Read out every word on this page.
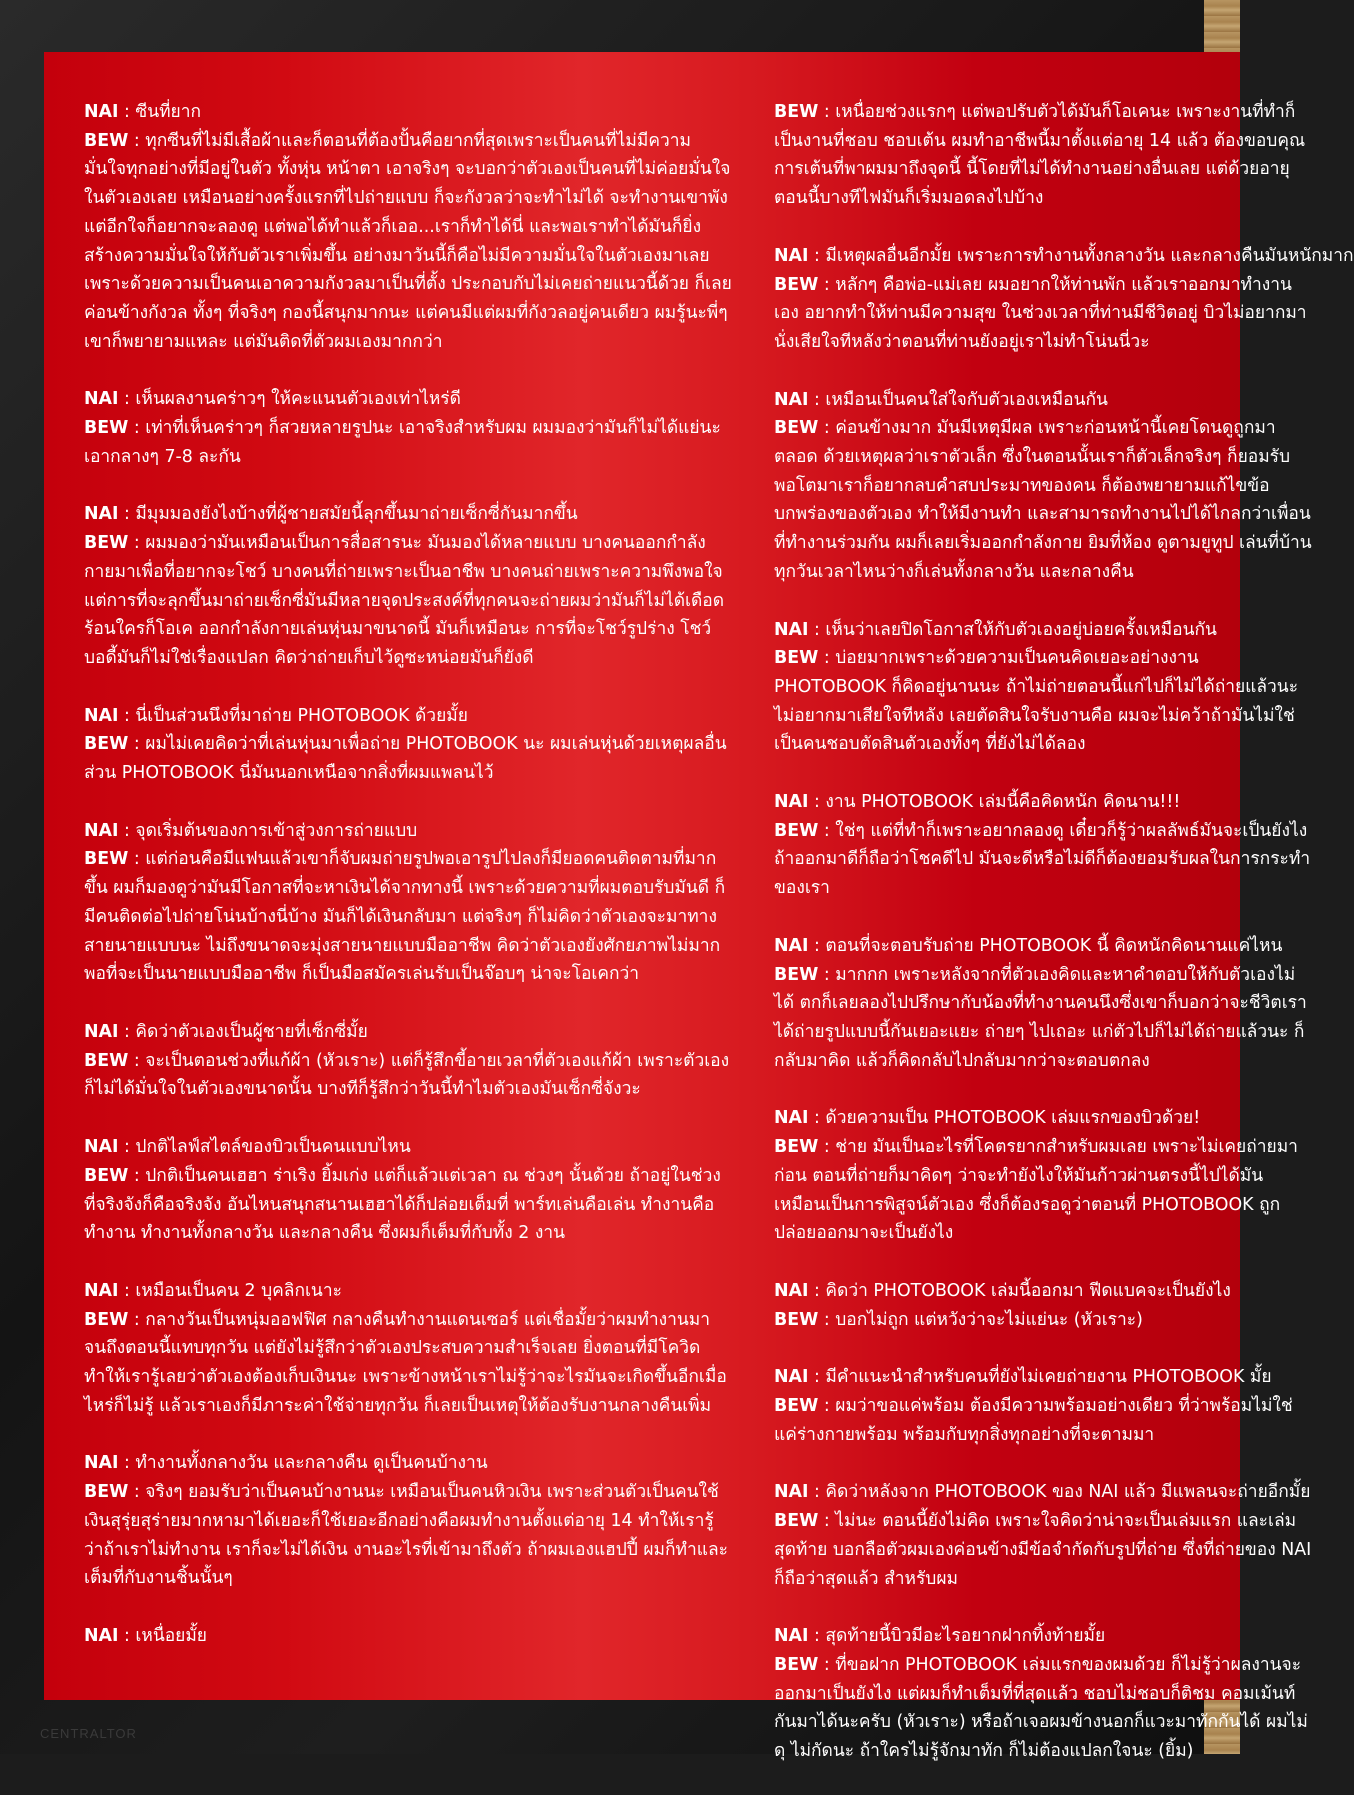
NAI : ซีนที่ยาก
BEW : ทุกซีนที่ไม่มีเสื้อผ้าและก็ตอนที่ต้องปั้นคือยากที่สุดเพราะเป็นคนที่ไม่มีความมั่นใจทุกอย่างที่มีอยู่ในตัว ทั้งหุ่น หน้าตา เอาจริงๆ จะบอกว่าตัวเองเป็นคนที่ไม่ค่อยมั่นใจในตัวเองเลย เหมือนอย่างครั้งแรกที่ไปถ่ายแบบ ก็จะกังวลว่าจะทำไม่ได้ จะทำงานเขาพังแต่อีกใจก็อยากจะลองดู แต่พอได้ทำแล้วก็เออ...เราก็ทำได้นี่ และพอเราทำได้มันก็ยิ่งสร้างความมั่นใจให้กับตัวเราเพิ่มขึ้น อย่างมาวันนี้ก็คือไม่มีความมั่นใจในตัวเองมาเลย เพราะด้วยความเป็นคนเอาความกังวลมาเป็นที่ตั้ง ประกอบกับไม่เคยถ่ายแนวนี้ด้วย ก็เลยค่อนข้างกังวล ทั้งๆ ที่จริงๆ กองนี้สนุกมากนะ แต่คนมีแต่ผมที่กังวลอยู่คนเดียว ผมรู้นะพี่ๆ เขาก็พยายามแหละ แต่มันติดที่ตัวผมเองมากกว่า
NAI : เห็นผลงานคร่าวๆ ให้คะแนนตัวเองเท่าไหร่ดี
BEW : เท่าที่เห็นคร่าวๆ ก็สวยหลายรูปนะ เอาจริงสำหรับผม ผมมองว่ามันก็ไม่ได้แย่นะ เอากลางๆ 7-8 ละกัน
NAI : มีมุมมองยังไงบ้างที่ผู้ชายสมัยนี้ลุกขึ้นมาถ่ายเซ็กซี่กันมากขึ้น
BEW : ผมมองว่ามันเหมือนเป็นการสื่อสารนะ มันมองได้หลายแบบ บางคนออกกำลังกายมาเพื่อที่อยากจะโชว์ บางคนที่ถ่ายเพราะเป็นอาชีพ บางคนถ่ายเพราะความพึงพอใจแต่การที่จะลุกขึ้นมาถ่ายเซ็กซี่มันมีหลายจุดประสงค์ที่ทุกคนจะถ่ายผมว่ามันก็ไม่ได้เดือดร้อนใครก็โอเค ออกกำลังกายเล่นหุ่นมาขนาดนี้ มันก็เหมือนะ การที่จะโชว์รูปร่าง โชว์บอดี้มันก็ไม่ใช่เรื่องแปลก คิดว่าถ่ายเก็บไว้ดูซะหน่อยมันก็ยังดี
NAI : นี่เป็นส่วนนึงที่มาถ่าย PHOTOBOOK ด้วยมั้ย
BEW : ผมไม่เคยคิดว่าที่เล่นหุ่นมาเพื่อถ่าย PHOTOBOOK นะ ผมเล่นหุ่นด้วยเหตุผลอื่น ส่วน PHOTOBOOK นี่มันนอกเหนือจากสิ่งที่ผมแพลนไว้
NAI : จุดเริ่มต้นของการเข้าสู่วงการถ่ายแบบ
BEW : แต่ก่อนคือมีแฟนแล้วเขาก็จับผมถ่ายรูปพอเอารูปไปลงก็มียอดคนติดตามที่มากขึ้น ผมก็มองดูว่ามันมีโอกาสที่จะหาเงินได้จากทางนี้ เพราะด้วยความที่ผมตอบรับมันดี ก็มีคนติดต่อไปถ่ายโน่นบ้างนี่บ้าง มันก็ได้เงินกลับมา แต่จริงๆ ก็ไม่คิดว่าตัวเองจะมาทางสายนายแบบนะ ไม่ถึงขนาดจะมุ่งสายนายแบบมืออาชีพ คิดว่าตัวเองยังศักยภาพไม่มากพอที่จะเป็นนายแบบมืออาชีพ ก็เป็นมือสมัครเล่นรับเป็นจ๊อบๆ น่าจะโอเคกว่า
NAI : คิดว่าตัวเองเป็นผู้ชายที่เซ็กซี่มั้ย
BEW : จะเป็นตอนช่วงที่แก้ผ้า (หัวเราะ) แต่ก็รู้สึกขี้อายเวลาที่ตัวเองแก้ผ้า เพราะตัวเองก็ไม่ได้มั่นใจในตัวเองขนาดนั้น บางทีก็รู้สึกว่าวันนี้ทำไมตัวเองมันเซ็กซี่จังวะ
NAI : ปกติไลฟ์สไตล์ของบิวเป็นคนแบบไหน
BEW : ปกติเป็นคนเฮฮา ร่าเริง ยิ้มเก่ง แต่ก็แล้วแต่เวลา ณ ช่วงๆ นั้นด้วย ถ้าอยู่ในช่วงที่จริงจังก็คือจริงจัง อันไหนสนุกสนานเฮฮาได้ก็ปล่อยเต็มที่ พาร์ทเล่นคือเล่น ทำงานคือทำงาน ทำงานทั้งกลางวัน และกลางคืน ซึ่งผมก็เต็มที่กับทั้ง 2 งาน
NAI : เหมือนเป็นคน 2 บุคลิกเนาะ
BEW : กลางวันเป็นหนุ่มออฟฟิศ กลางคืนทำงานแดนเซอร์ แต่เชื่อมั้ยว่าผมทำงานมาจนถึงตอนนี้แทบทุกวัน แต่ยังไม่รู้สึกว่าตัวเองประสบความสำเร็จเลย ยิ่งตอนที่มีโควิดทำให้เรารู้เลยว่าตัวเองต้องเก็บเงินนะ เพราะข้างหน้าเราไม่รู้ว่าจะไรมันจะเกิดขึ้นอีกเมื่อไหร่ก็ไม่รู้ แล้วเราเองก็มีภาระค่าใช้จ่ายทุกวัน ก็เลยเป็นเหตุให้ต้องรับงานกลางคืนเพิ่ม
NAI : ทำงานทั้งกลางวัน และกลางคืน ดูเป็นคนบ้างาน
BEW : จริงๆ ยอมรับว่าเป็นคนบ้างานนะ เหมือนเป็นคนหิวเงิน เพราะส่วนตัวเป็นคนใช้เงินสุรุ่ยสุร่ายมากหามาได้เยอะก็ใช้เยอะอีกอย่างคือผมทำงานตั้งแต่อายุ 14 ทำให้เรารู้ว่าถ้าเราไม่ทำงาน เราก็จะไม่ได้เงิน งานอะไรที่เข้ามาถึงตัว ถ้าผมเองแฮปปี้ ผมก็ทำและเต็มที่กับงานชิ้นนั้นๆ
NAI : เหนื่อยมั้ย
BEW : เหนื่อยช่วงแรกๆ แต่พอปรับตัวได้มันก็โอเคนะ เพราะงานที่ทำก็เป็นงานที่ชอบ ชอบเต้น ผมทำอาชีพนี้มาตั้งแต่อายุ 14 แล้ว ต้องขอบคุณการเต้นที่พาผมมาถึงจุดนี้ นี้โดยที่ไม่ได้ทำงานอย่างอื่นเลย แต่ด้วยอายุตอนนี้บางทีไฟมันก็เริ่มมอดลงไปบ้าง
NAI : มีเหตุผลอื่นอีกมั้ย เพราะการทำงานทั้งกลางวัน และกลางคืนมันหนักมาก
BEW : หลักๆ คือพ่อ-แม่เลย ผมอยากให้ท่านพัก แล้วเราออกมาทำงานเอง อยากทำให้ท่านมีความสุข ในช่วงเวลาที่ท่านมีชีวิตอยู่ บิวไม่อยากมานั่งเสียใจทีหลังว่าตอนที่ท่านยังอยู่เราไม่ทำโน่นนี่วะ
NAI : เหมือนเป็นคนใส่ใจกับตัวเองเหมือนกัน
BEW : ค่อนข้างมาก มันมีเหตุมีผล เพราะก่อนหน้านี้เคยโดนดูถูกมาตลอด ด้วยเหตุผลว่าเราตัวเล็ก ซึ่งในตอนนั้นเราก็ตัวเล็กจริงๆ ก็ยอมรับ พอโตมาเราก็อยากลบคำสบประมาทของคน ก็ต้องพยายามแก้ไขข้อบกพร่องของตัวเอง ทำให้มีงานทำ และสามารถทำงานไปได้ไกลกว่าเพื่อนที่ทำงานร่วมกัน ผมก็เลยเริ่มออกกำลังกาย ยิมที่ห้อง ดูตามยูทูป เล่นที่บ้านทุกวันเวลาไหนว่างก็เล่นทั้งกลางวัน และกลางคืน
NAI : เห็นว่าเลยปิดโอกาสให้กับตัวเองอยู่บ่อยครั้งเหมือนกัน
BEW : บ่อยมากเพราะด้วยความเป็นคนคิดเยอะอย่างงาน PHOTOBOOK ก็คิดอยู่นานนะ ถ้าไม่ถ่ายตอนนี้แก่ไปก็ไม่ได้ถ่ายแล้วนะ ไม่อยากมาเสียใจทีหลัง เลยตัดสินใจรับงานคือ ผมจะไม่คว้าถ้ามันไม่ใช่ เป็นคนชอบตัดสินตัวเองทั้งๆ ที่ยังไม่ได้ลอง
NAI : งาน PHOTOBOOK เล่มนี้คือคิดหนัก คิดนาน!!!
BEW : ใช่ๆ แต่ที่ทำก็เพราะอยากลองดู เดี๋ยวก็รู้ว่าผลลัพธ์มันจะเป็นยังไง ถ้าออกมาดีก็ถือว่าโชคดีไป มันจะดีหรือไม่ดีก็ต้องยอมรับผลในการกระทำของเรา
NAI : ตอนที่จะตอบรับถ่าย PHOTOBOOK นี้ คิดหนักคิดนานแค่ไหน
BEW : มากกก เพราะหลังจากที่ตัวเองคิดและหาคำตอบให้กับตัวเองไม่ได้ ตกก็เลยลองไปปรึกษากับน้องที่ทำงานคนนึงซึ่งเขาก็บอกว่าจะชีวิตเราได้ถ่ายรูปแบบนี้กันเยอะแยะ ถ่ายๆ ไปเถอะ แก่ตัวไปก็ไม่ได้ถ่ายแล้วนะ ก็กลับมาคิด แล้วก็คิดกลับไปกลับมากว่าจะตอบตกลง
NAI : ด้วยความเป็น PHOTOBOOK เล่มแรกของบิวด้วย!
BEW : ช่าย มันเป็นอะไรที่โคตรยากสำหรับผมเลย เพราะไม่เคยถ่ายมาก่อน ตอนที่ถ่ายก็มาคิดๆ ว่าจะทำยังไงให้มันก้าวผ่านตรงนี้ไปได้มันเหมือนเป็นการพิสูจน์ตัวเอง ซึ่งก็ต้องรอดูว่าตอนที่ PHOTOBOOK ถูกปล่อยออกมาจะเป็นยังไง
NAI : คิดว่า PHOTOBOOK เล่มนี้ออกมา ฟีดแบคจะเป็นยังไง
BEW : บอกไม่ถูก แต่หวังว่าจะไม่แย่นะ (หัวเราะ)
NAI : มีคำแนะนำสำหรับคนที่ยังไม่เคยถ่ายงาน PHOTOBOOK มั้ย
BEW : ผมว่าขอแค่พร้อม ต้องมีความพร้อมอย่างเดียว ที่ว่าพร้อมไม่ใช่แค่ร่างกายพร้อม พร้อมกับทุกสิ่งทุกอย่างที่จะตามมา
NAI : คิดว่าหลังจาก PHOTOBOOK ของ NAI แล้ว มีแพลนจะถ่ายอีกมั้ย
BEW : ไม่นะ ตอนนี้ยังไม่คิด เพราะใจคิดว่าน่าจะเป็นเล่มแรก และเล่มสุดท้าย บอกลือตัวผมเองค่อนข้างมีข้อจำกัดกับรูปที่ถ่าย ซึ่งที่ถ่ายของ NAI ก็ถือว่าสุดแล้ว สำหรับผม
NAI : สุดท้ายนี้บิวมีอะไรอยากฝากทิ้งท้ายมั้ย
BEW : ที่ขอฝาก PHOTOBOOK เล่มแรกของผมด้วย ก็ไม่รู้ว่าผลงานจะออกมาเป็นยังไง แต่ผมก็ทำเต็มที่ที่สุดแล้ว ชอบไม่ชอบก็ติชม คอมเม้นท์กันมาได้นะครับ (หัวเราะ) หรือถ้าเจอผมข้างนอกก็แวะมาทักกันได้ ผมไม่ดุ ไม่กัดนะ ถ้าใครไม่รู้จักมาทัก ก็ไม่ต้องแปลกใจนะ (ยิ้ม)
CENTRALTOR
